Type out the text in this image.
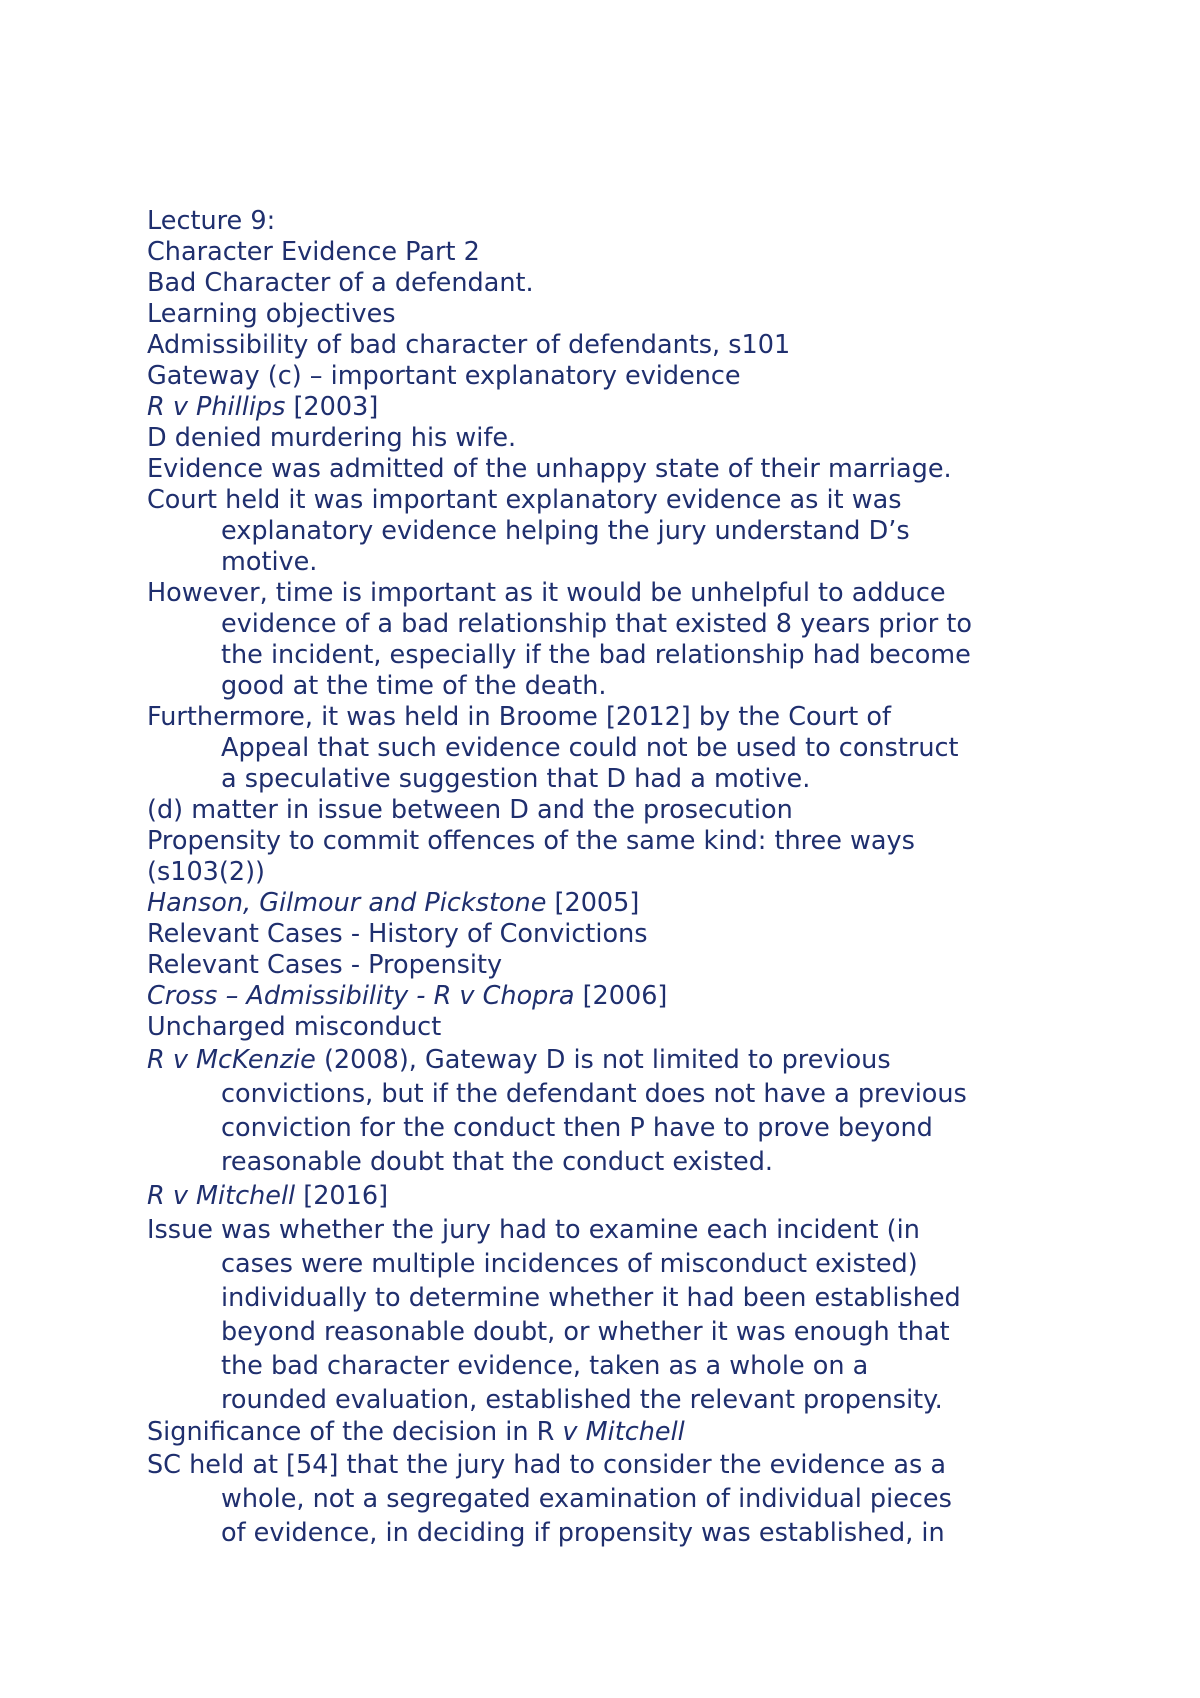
Lecture 9:

Character Evidence Part 2

Bad Character of a defendant.

Learning objectives

Admissibility of bad character of defendants, s101

Gateway (c) – important explanatory evidence

R v Phillips [2003]

D denied murdering his wife.

Evidence was admitted of the unhappy state of their marriage.

Court held it was important explanatory evidence as it was

explanatory evidence helping the jury understand D’s

motive.

However, time is important as it would be unhelpful to adduce

evidence of a bad relationship that existed 8 years prior to

the incident, especially if the bad relationship had become

good at the time of the death.

Furthermore, it was held in Broome [2012] by the Court of

Appeal that such evidence could not be used to construct

a speculative suggestion that D had a motive.

(d) matter in issue between D and the prosecution

Propensity to commit offences of the same kind: three ways

(s103(2))

Hanson, Gilmour and Pickstone [2005]

Relevant Cases - History of Convictions

Relevant Cases - Propensity

Cross – Admissibility - R v Chopra [2006]

Uncharged misconduct

R v McKenzie (2008), Gateway D is not limited to previous

convictions, but if the defendant does not have a previous

conviction for the conduct then P have to prove beyond

reasonable doubt that the conduct existed.

R v Mitchell [2016]

Issue was whether the jury had to examine each incident (in

cases were multiple incidences of misconduct existed)

individually to determine whether it had been established

beyond reasonable doubt, or whether it was enough that

the bad character evidence, taken as a whole on a

rounded evaluation, established the relevant propensity.

Significance of the decision in R v Mitchell

SC held at [54] that the jury had to consider the evidence as a

whole, not a segregated examination of individual pieces

of evidence, in deciding if propensity was established, in
